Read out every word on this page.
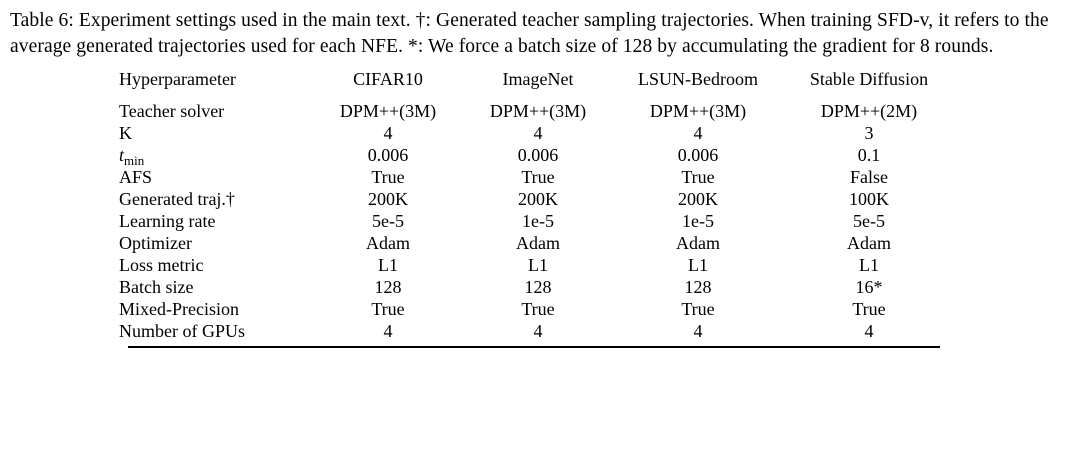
Table 6: Experiment settings used in the main text. †: Generated teacher sampling trajectories. When training SFD-v, it refers to the average generated trajectories used for each NFE. *: We force a batch size of 128 by accumulating the gradient for 8 rounds.

Hyperparameter	CIFAR10	ImageNet	LSUN-Bedroom	Stable Diffusion
Teacher solver	DPM++(3M)	DPM++(3M)	DPM++(3M)	DPM++(2M)
K	4	4	4	3
$t_{min}$	0.006	0.006	0.006	0.1
AFS	True	True	True	False
Generated traj.†	200K	200K	200K	100K
Learning rate	5e-5	1e-5	1e-5	5e-5
Optimizer	Adam	Adam	Adam	Adam
Loss metric	L1	L1	L1	L1
Batch size	128	128	128	16*
Mixed-Precision	True	True	True	True
Number of GPUs	4	4	4	4
